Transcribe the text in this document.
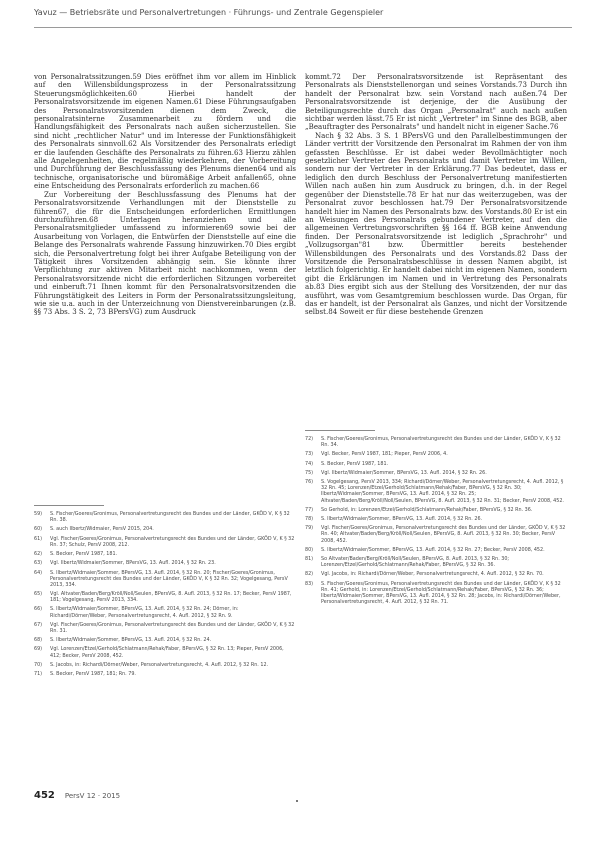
Yavuz — Betriebsräte und Personalvertretungen · Führungs- und Zentrale Gegenspieler

von Personalratssitzungen.59 Dies eröffnet ihm vor allem im Hinblick auf den Willensbildungsprozess in der Personalratssitzung Steuerungsmöglichkeiten.60 Hierbei handelt der Personalratsvorsitzende im eigenen Namen.61 Diese Führungsaufgaben des Personalratsvorsitzenden dienen dem Zweck, die personalratsinterne Zusammenarbeit zu fördern und die Handlungsfähigkeit des Personalrats nach außen sicherzustellen. Sie sind nicht „rechtlicher Natur" und im Interesse der Funktionsfähigkeit des Personalrats sinnvoll.62 Als Vorsitzender des Personalrats erledigt er die laufenden Geschäfte des Personalrats zu führen.63 Hierzu zählen alle Angelegenheiten, die regelmäßig wiederkehren, der Vorbereitung und Durchführung der Beschlussfassung des Plenums dienen64 und als technische, organisatorische und büromäßige Arbeit anfallen65, ohne eine Entscheidung des Personalrats erforderlich zu machen.66

Zur Vorbereitung der Beschlussfassung des Plenums hat der Personalratsvorsitzende Verhandlungen mit der Dienststelle zu führen67, die für die Entscheidungen erforderlichen Ermittlungen durchzuführen.68 Unterlagen heranziehen und alle Personalratsmitglieder umfassend zu informieren69 sowie bei der Ausarbeitung von Vorlagen, die Entwürfen der Dienststelle auf eine die Belange des Personalrats wahrende Fassung hinzuwirken.70 Dies ergibt sich, die Personalvertretung folgt bei ihrer Aufgabe Beteiligung von der Tätigkeit ihres Vorsitzenden abhängig sein. Sie könnte ihrer Verpflichtung zur aktiven Mitarbeit nicht nachkommen, wenn der Personalratsvorsitzende nicht die erforderlichen Sitzungen vorbereitet und einberuft.71 Ihnen kommt für den Personalratsvorsitzenden die Führungstätigkeit des Leiters in Form der Personalratssitzungsleitung, wie sie u.a. auch in der Unterzeichnung von Dienstvereinbarungen (z.B. §§ 73 Abs. 3 S. 2, 73 BPersVG) zum Ausdruck

kommt.72 Der Personalratsvorsitzende ist Repräsentant des Personalrats als Dienststellenorgan und seines Vorstands.73 Durch ihn handelt der Personalrat bzw. sein Vorstand nach außen.74 Der Personalratsvorsitzende ist derjenige, der die Ausübung der Beteiligungsrechte durch das Organ „Personalrat" auch nach außen sichtbar werden lässt.75 Er ist nicht „Vertreter" im Sinne des BGB, aber „Beauftragter des Personalrats" und handelt nicht in eigener Sache.76

Nach § 32 Abs. 3 S. 1 BPersVG und den Parallelbestimmungen der Länder vertritt der Vorsitzende den Personalrat im Rahmen der von ihm gefassten Beschlüsse. Er ist dabei weder Bevollmächtigter noch gesetzlicher Vertreter des Personalrats und damit Vertreter im Willen, sondern nur der Vertreter in der Erklärung.77 Das bedeutet, dass er lediglich den durch Beschluss der Personalvertretung manifestierten Willen nach außen hin zum Ausdruck zu bringen, d.h. in der Regel gegenüber der Dienststelle.78 Er hat nur das weiterzugeben, was der Personalrat zuvor beschlossen hat.79 Der Personalratsvorsitzende handelt hier im Namen des Personalrats bzw. des Vorstands.80 Er ist ein an Weisungen des Personalrats gebundener Vertreter, auf den die allgemeinen Vertretungsvorschriften §§ 164 ff. BGB keine Anwendung finden. Der Personalratsvorsitzende ist lediglich „Sprachrohr" und „Vollzugsorgan"81 bzw. Übermittler bereits bestehender Willensbildungen des Personalrats und des Vorstands.82 Dass der Vorsitzende die Personalratsbeschlüsse in dessen Namen abgibt, ist letztlich folgerichtig. Er handelt dabei nicht im eigenen Namen, sondern gibt die Erklärungen im Namen und in Vertretung des Personalrats ab.83 Dies ergibt sich aus der Stellung des Vorsitzenden, der nur das ausführt, was vom Gesamtgremium beschlossen wurde. Das Organ, für das er handelt, ist der Personalrat als Ganzes, und nicht der Vorsitzende selbst.84 Soweit er für diese bestehende Grenzen

59)	S. Fischer/Goeres/Gronimus, Personalvertretungsrecht des Bundes und der Länder, GKÖD V, K § 32 Rn. 38.
60)	S. auch Ilbertz/Widmaier, PersV 2015, 204.
61)	Vgl. Fischer/Goeres/Gronimus, Personalvertretungsrecht des Bundes und der Länder, GKÖD V, K § 32 Rn. 37; Schulz, PersV 2008, 212.
62)	S. Becker, PersV 1987, 181.
63)	Vgl. Ilbertz/Widmaier/Sommer, BPersVG, 13. Aufl. 2014, § 32 Rn. 23.
64)	S. Ilbertz/Widmaier/Sommer, BPersVG, 13. Aufl. 2014, § 32 Rn. 20; Fischer/Goeres/Gronimus, Personalvertretungsrecht des Bundes und der Länder, GKÖD V, K § 32 Rn. 32; Vogelgesang, PersV 2013, 334.
65)	Vgl. Altvater/Baden/Berg/Kröll/Noll/Seulen, BPersVG, 8. Aufl. 2013, § 32 Rn. 17; Becker, PersV 1987, 181; Vogelgesang, PersV 2013, 334.
66)	S. Ilbertz/Widmaier/Sommer, BPersVG, 13. Aufl. 2014, § 32 Rn. 24; Dörner, in: Richardi/Dörner/Weber, Personalvertretungsrecht, 4. Aufl. 2012, § 32 Rn. 9.
67)	Vgl. Fischer/Goeres/Gronimus, Personalvertretungsrecht des Bundes und der Länder, GKÖD V, K § 32 Rn. 31.
68)	S. Ilbertz/Widmaier/Sommer, BPersVG, 13. Aufl. 2014, § 32 Rn. 24.
69)	Vgl. Lorenzen/Etzel/Gerhold/Schlatmann/Rehak/Faber, BPersVG, § 32 Rn. 13; Pieper, PersV 2006, 412; Becker, PersV 2008, 452.
70)	S. Jacobs, in: Richardi/Dörner/Weber, Personalvertretungsrecht, 4. Aufl. 2012, § 32 Rn. 12.
71)	S. Becker, PersV 1987, 181; Rn. 79.
72)	S. Fischer/Goeres/Gronimus, Personalvertretungsrecht des Bundes und der Länder, GKÖD V, K § 32 Rn. 34.
73)	Vgl. Becker, PersV 1987, 181; Pieper, PersV 2006, 4.
74)	S. Becker, PersV 1987, 181.
75)	Vgl. Ilbertz/Widmaier/Sommer, BPersVG, 13. Aufl. 2014, § 32 Rn. 26.
76)	S. Vogelgesang, PersV 2013, 334; Richardi/Dörner/Weber, Personalvertretungsrecht, 4. Aufl. 2012, § 32 Rn. 45; Lorenzen/Etzel/Gerhold/Schlatmann/Rehak/Faber, BPersVG, § 32 Rn. 30; Ilbertz/Widmaier/Sommer, BPersVG, 13. Aufl. 2014, § 32 Rn. 25; Altvater/Baden/Berg/Kröll/Noll/Seulen, BPersVG, 8. Aufl. 2013, § 32 Rn. 31; Becker, PersV 2008, 452.
77)	So Gerhold, in: Lorenzen/Etzel/Gerhold/Schlatmann/Rehak/Faber, BPersVG, § 32 Rn. 36.
78)	S. Ilbertz/Widmaier/Sommer, BPersVG, 13. Aufl. 2014, § 32 Rn. 26.
79)	Vgl. Fischer/Goeres/Gronimus, Personalvertretungsrecht des Bundes und der Länder, GKÖD V, K § 32 Rn. 40; Altvater/Baden/Berg/Kröll/Noll/Seulen, BPersVG, 8. Aufl. 2013, § 32 Rn. 30; Becker, PersV 2008, 452.
80)	S. Ilbertz/Widmaier/Sommer, BPersVG, 13. Aufl. 2014, § 32 Rn. 27; Becker, PersV 2008, 452.
81)	So Altvater/Baden/Berg/Kröll/Noll/Seulen, BPersVG, 8. Aufl. 2013, § 32 Rn. 30; Lorenzen/Etzel/Gerhold/Schlatmann/Rehak/Faber, BPersVG, § 32 Rn. 36.
82)	Vgl. Jacobs, in: Richardi/Dörner/Weber, Personalvertretungsrecht, 4. Aufl. 2012, § 32 Rn. 70.
83)	S. Fischer/Goeres/Gronimus, Personalvertretungsrecht des Bundes und der Länder, GKÖD V, K § 32 Rn. 41; Gerhold, in: Lorenzen/Etzel/Gerhold/Schlatmann/Rehak/Faber, BPersVG, § 32 Rn. 36; Ilbertz/Widmaier/Sommer, BPersVG, 13. Aufl. 2014, § 32 Rn. 28; Jacobs, in: Richardi/Dörner/Weber, Personalvertretungsrecht, 4. Aufl. 2012, § 32 Rn. 71.
452 PersV 12 · 2015
